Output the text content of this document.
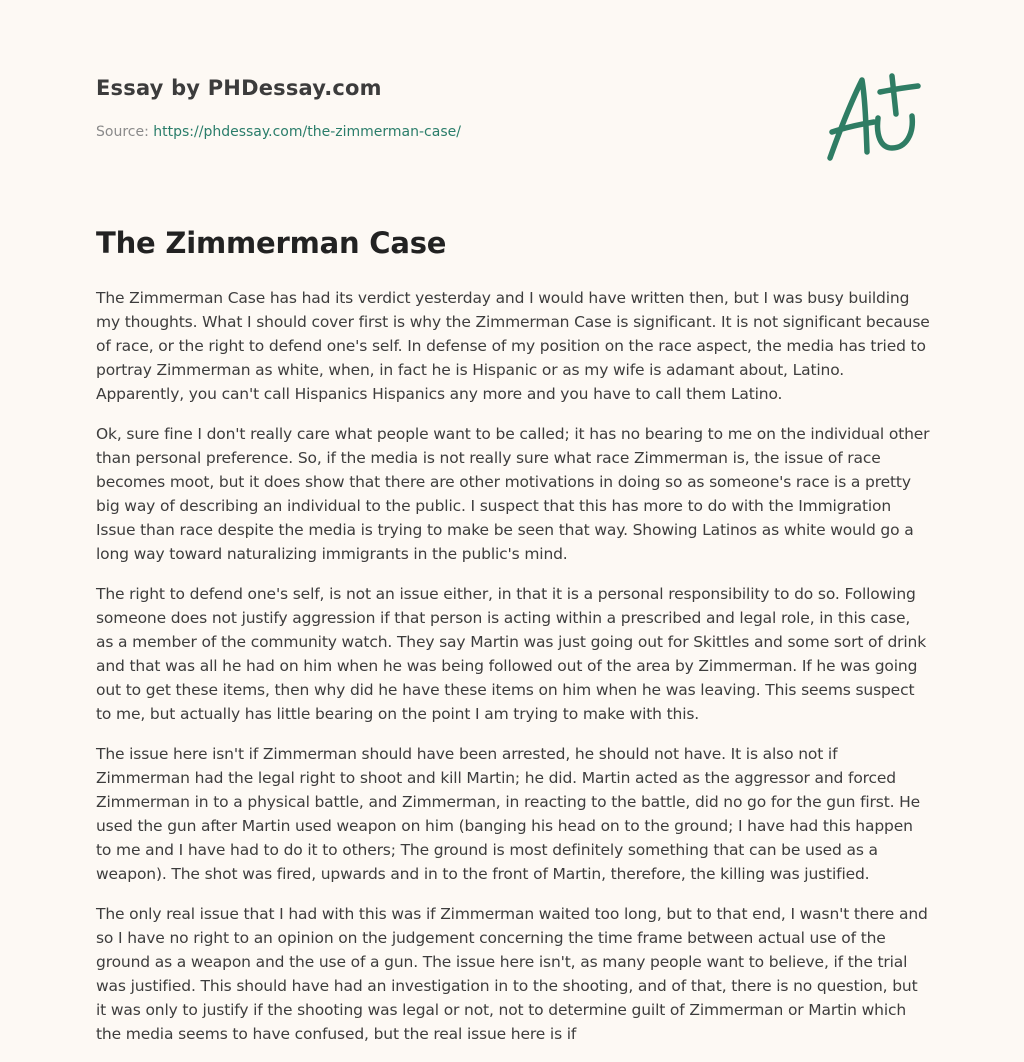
Essay by PHDessay.com
Source: https://phdessay.com/the-zimmerman-case/
The Zimmerman Case

The Zimmerman Case has had its verdict yesterday and I would have written then, but I was busy building my thoughts. What I should cover first is why the Zimmerman Case is significant. It is not significant because of race, or the right to defend one's self. In defense of my position on the race aspect, the media has tried to portray Zimmerman as white, when, in fact he is Hispanic or as my wife is adamant about, Latino. Apparently, you can't call Hispanics Hispanics any more and you have to call them Latino.

Ok, sure fine I don't really care what people want to be called; it has no bearing to me on the individual other than personal preference. So, if the media is not really sure what race Zimmerman is, the issue of race becomes moot, but it does show that there are other motivations in doing so as someone's race is a pretty big way of describing an individual to the public. I suspect that this has more to do with the Immigration Issue than race despite the media is trying to make be seen that way. Showing Latinos as white would go a long way toward naturalizing immigrants in the public's mind.

The right to defend one's self, is not an issue either, in that it is a personal responsibility to do so. Following someone does not justify aggression if that person is acting within a prescribed and legal role, in this case, as a member of the community watch. They say Martin was just going out for Skittles and some sort of drink and that was all he had on him when he was being followed out of the area by Zimmerman. If he was going out to get these items, then why did he have these items on him when he was leaving. This seems suspect to me, but actually has little bearing on the point I am trying to make with this.

The issue here isn't if Zimmerman should have been arrested, he should not have. It is also not if Zimmerman had the legal right to shoot and kill Martin; he did. Martin acted as the aggressor and forced Zimmerman in to a physical battle, and Zimmerman, in reacting to the battle, did no go for the gun first. He used the gun after Martin used weapon on him (banging his head on to the ground; I have had this happen to me and I have had to do it to others; The ground is most definitely something that can be used as a weapon). The shot was fired, upwards and in to the front of Martin, therefore, the killing was justified.

The only real issue that I had with this was if Zimmerman waited too long, but to that end, I wasn't there and so I have no right to an opinion on the judgement concerning the time frame between actual use of the ground as a weapon and the use of a gun. The issue here isn't, as many people want to believe, if the trial was justified. This should have had an investigation in to the shooting, and of that, there is no question, but it was only to justify if the shooting was legal or not, not to determine guilt of Zimmerman or Martin which the media seems to have confused, but the real issue here is if
